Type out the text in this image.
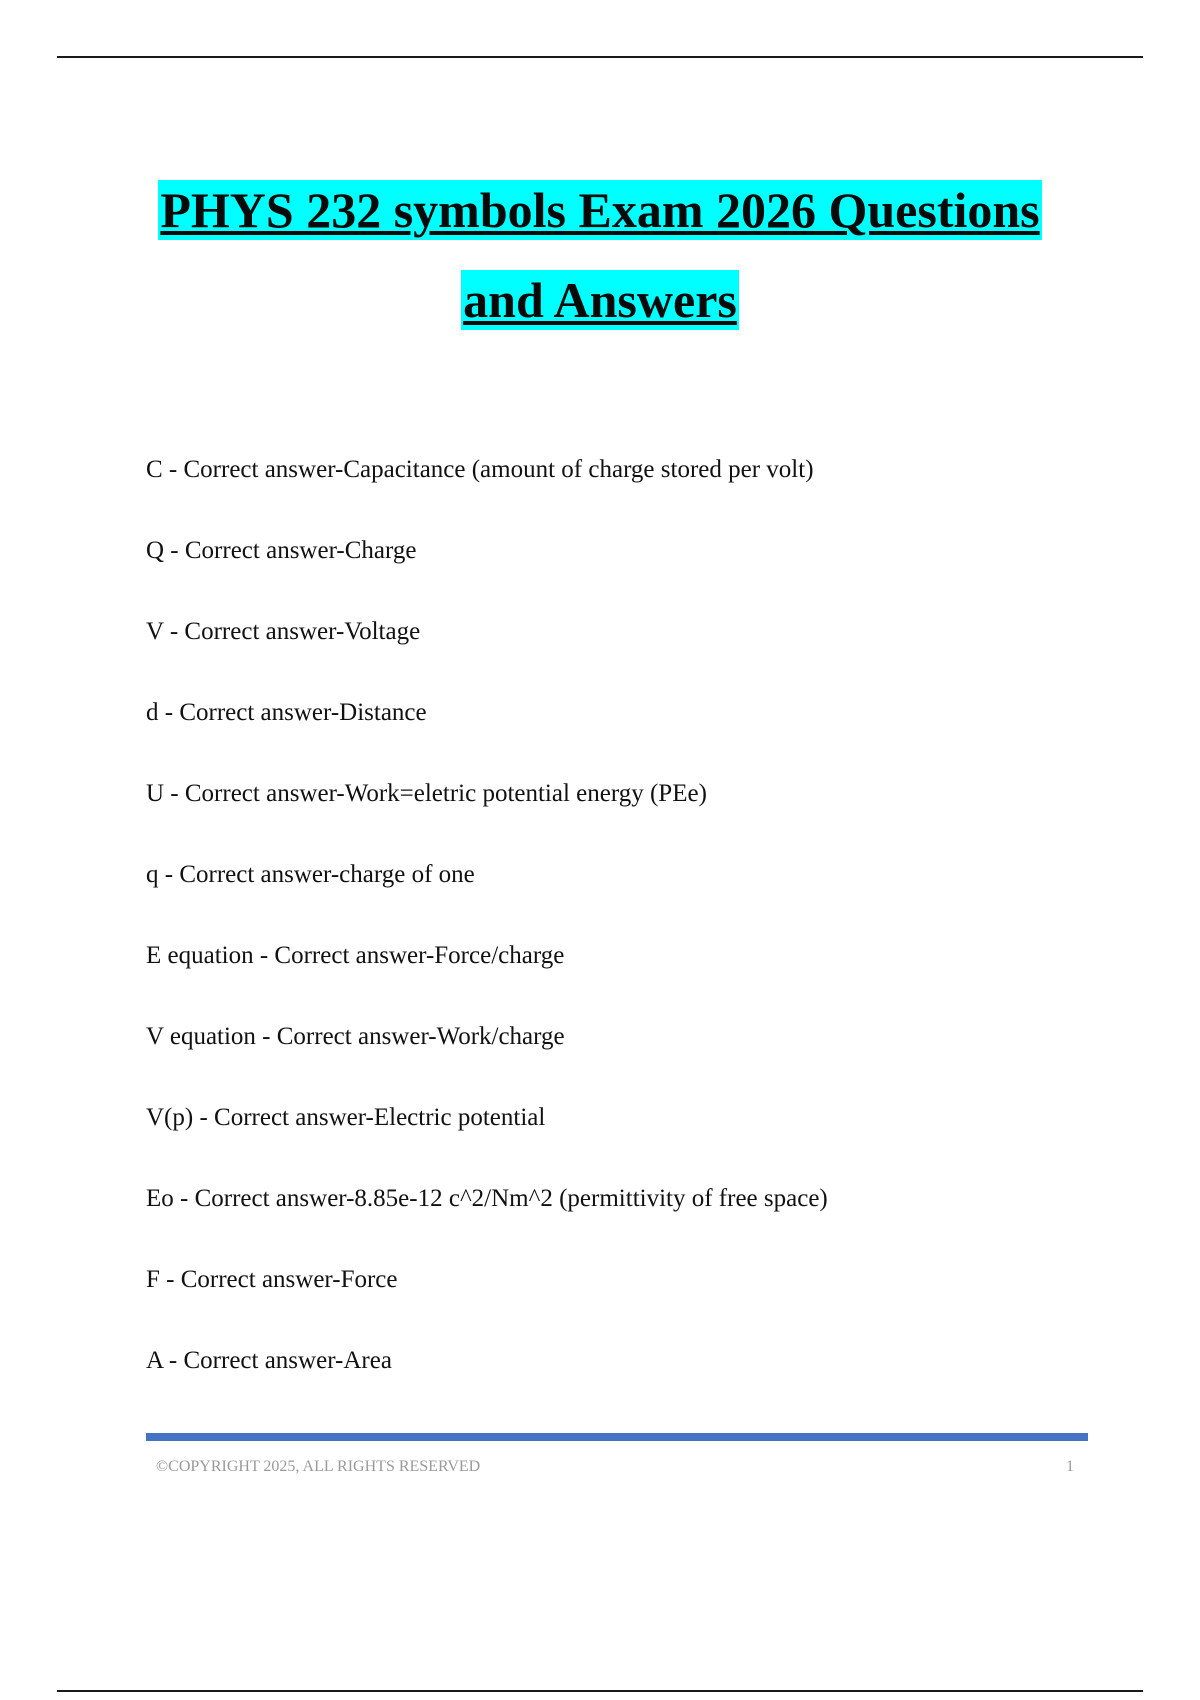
PHYS 232 symbols Exam 2026 Questions
and Answers
C - Correct answer-Capacitance (amount of charge stored per volt)
Q - Correct answer-Charge
V - Correct answer-Voltage
d - Correct answer-Distance
U - Correct answer-Work=eletric potential energy (PEe)
q - Correct answer-charge of one
E equation - Correct answer-Force/charge
V equation - Correct answer-Work/charge
V(p) - Correct answer-Electric potential
Eo - Correct answer-8.85e-12 c^2/Nm^2 (permittivity of free space)
F - Correct answer-Force
A - Correct answer-Area
©COPYRIGHT 2025, ALL RIGHTS RESERVED	1
